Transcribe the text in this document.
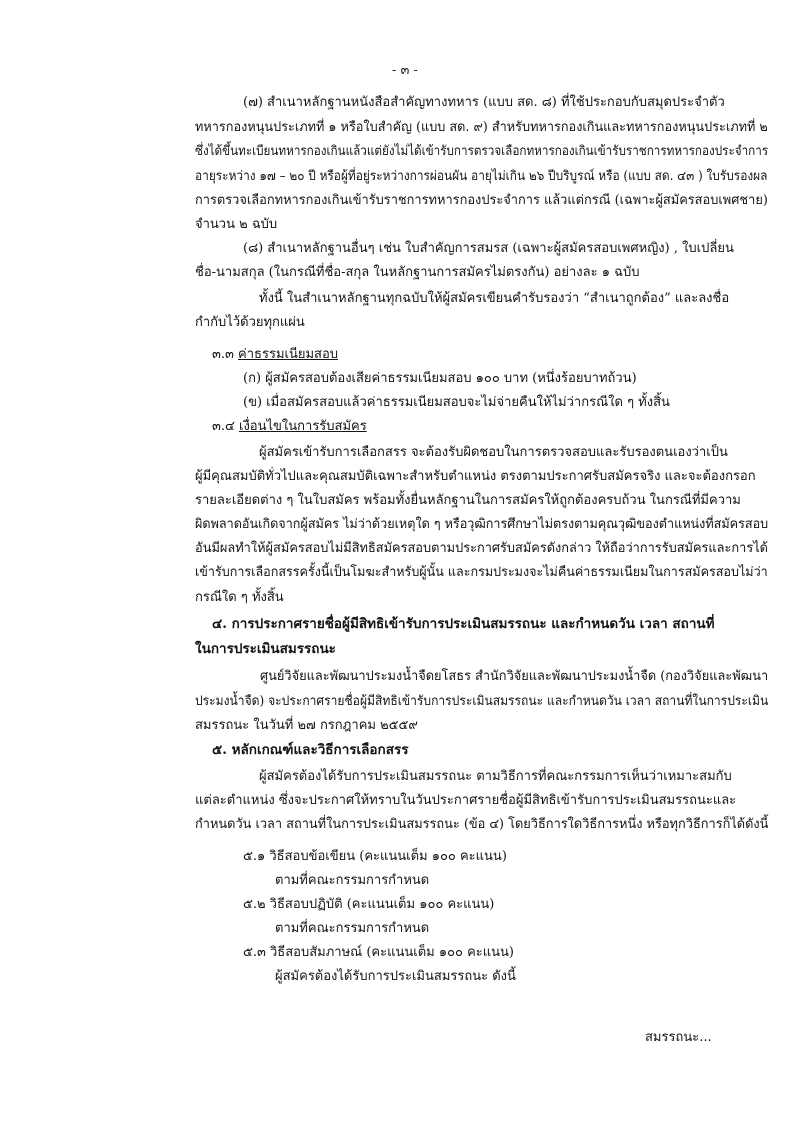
- ๓ -
(๗) สำเนาหลักฐานหนังสือสำคัญทางทหาร (แบบ สด. ๘) ที่ใช้ประกอบกับสมุดประจำตัว
ทหารกองหนุนประเภทที่ ๑ หรือใบสำคัญ (แบบ สด. ๙) สำหรับทหารกองเกินและทหารกองหนุนประเภทที่ ๒
ซึ่งได้ขึ้นทะเบียนทหารกองเกินแล้วแต่ยังไม่ได้เข้ารับการตรวจเลือกทหารกองเกินเข้ารับราชการทหารกองประจำการ
อายุระหว่าง ๑๗ – ๒๐ ปี หรือผู้ที่อยู่ระหว่างการผ่อนผัน อายุไม่เกิน ๒๖ ปีบริบูรณ์ หรือ (แบบ สด. ๔๓ ) ใบรับรองผล
การตรวจเลือกทหารกองเกินเข้ารับราชการทหารกองประจำการ แล้วแต่กรณี (เฉพาะผู้สมัครสอบเพศชาย)
จำนวน ๒ ฉบับ
(๘) สำเนาหลักฐานอื่นๆ เช่น ใบสำคัญการสมรส (เฉพาะผู้สมัครสอบเพศหญิง) , ใบเปลี่ยน
ชื่อ-นามสกุล (ในกรณีที่ชื่อ-สกุล ในหลักฐานการสมัครไม่ตรงกัน) อย่างละ ๑ ฉบับ
ทั้งนี้ ในสำเนาหลักฐานทุกฉบับให้ผู้สมัครเขียนคำรับรองว่า “สำเนาถูกต้อง” และลงชื่อ
กำกับไว้ด้วยทุกแผ่น
๓.๓ ค่าธรรมเนียมสอบ
(ก) ผู้สมัครสอบต้องเสียค่าธรรมเนียมสอบ ๑๐๐ บาท (หนึ่งร้อยบาทถ้วน)
(ข) เมื่อสมัครสอบแล้วค่าธรรมเนียมสอบจะไม่จ่ายคืนให้ไม่ว่ากรณีใด ๆ ทั้งสิ้น
๓.๔ เงื่อนไขในการรับสมัคร
ผู้สมัครเข้ารับการเลือกสรร จะต้องรับผิดชอบในการตรวจสอบและรับรองตนเองว่าเป็น
ผู้มีคุณสมบัติทั่วไปและคุณสมบัติเฉพาะสำหรับตำแหน่ง ตรงตามประกาศรับสมัครจริง และจะต้องกรอก
รายละเอียดต่าง ๆ ในใบสมัคร พร้อมทั้งยื่นหลักฐานในการสมัครให้ถูกต้องครบถ้วน ในกรณีที่มีความ
ผิดพลาดอันเกิดจากผู้สมัคร ไม่ว่าด้วยเหตุใด ๆ หรือวุฒิการศึกษาไม่ตรงตามคุณวุฒิของตำแหน่งที่สมัครสอบ
อันมีผลทำให้ผู้สมัครสอบไม่มีสิทธิสมัครสอบตามประกาศรับสมัครดังกล่าว ให้ถือว่าการรับสมัครและการได้
เข้ารับการเลือกสรรครั้งนี้เป็นโมฆะสำหรับผู้นั้น และกรมประมงจะไม่คืนค่าธรรมเนียมในการสมัครสอบไม่ว่า
กรณีใด ๆ ทั้งสิ้น
๔. การประกาศรายชื่อผู้มีสิทธิเข้ารับการประเมินสมรรถนะ และกำหนดวัน เวลา สถานที่
ในการประเมินสมรรถนะ
ศูนย์วิจัยและพัฒนาประมงน้ำจืดยโสธร สำนักวิจัยและพัฒนาประมงน้ำจืด (กองวิจัยและพัฒนา
ประมงน้ำจืด) จะประกาศรายชื่อผู้มีสิทธิเข้ารับการประเมินสมรรถนะ และกำหนดวัน เวลา สถานที่ในการประเมิน
สมรรถนะ ในวันที่ ๒๗ กรกฎาคม ๒๕๕๙
๕. หลักเกณฑ์และวิธีการเลือกสรร
ผู้สมัครต้องได้รับการประเมินสมรรถนะ ตามวิธีการที่คณะกรรมการเห็นว่าเหมาะสมกับ
แต่ละตำแหน่ง ซึ่งจะประกาศให้ทราบในวันประกาศรายชื่อผู้มีสิทธิเข้ารับการประเมินสมรรถนะและ
กำหนดวัน เวลา สถานที่ในการประเมินสมรรถนะ (ข้อ ๔) โดยวิธีการใดวิธีการหนึ่ง หรือทุกวิธีการก็ได้ดังนี้
๕.๑ วิธีสอบข้อเขียน (คะแนนเต็ม ๑๐๐ คะแนน)
ตามที่คณะกรรมการกำหนด
๕.๒ วิธีสอบปฏิบัติ (คะแนนเต็ม ๑๐๐ คะแนน)
ตามที่คณะกรรมการกำหนด
๕.๓ วิธีสอบสัมภาษณ์ (คะแนนเต็ม ๑๐๐ คะแนน)
ผู้สมัครต้องได้รับการประเมินสมรรถนะ ดังนี้
สมรรถนะ...
